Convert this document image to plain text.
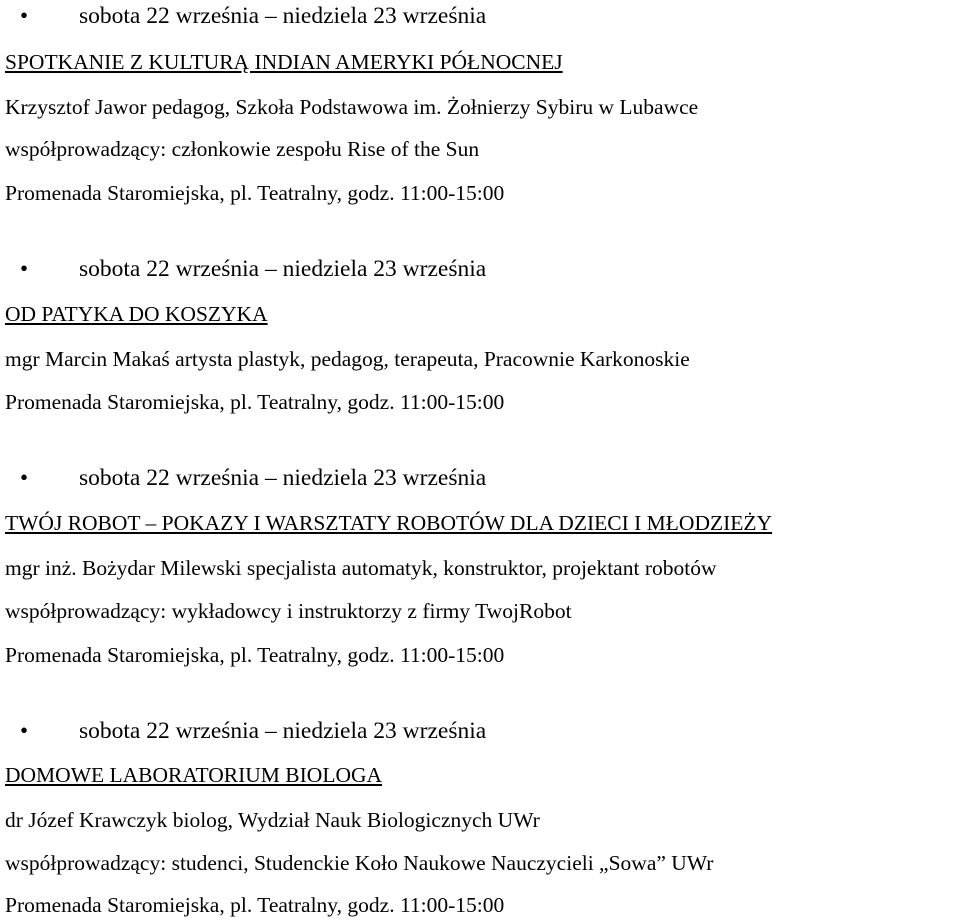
• sobota 22 września – niedziela 23 września
SPOTKANIE Z KULTURĄ INDIAN AMERYKI PÓŁNOCNEJ
Krzysztof Jawor pedagog, Szkoła Podstawowa im. Żołnierzy Sybiru w Lubawce
współprowadzący: członkowie zespołu Rise of the Sun
Promenada Staromiejska, pl. Teatralny, godz. 11:00-15:00
• sobota 22 września – niedziela 23 września
OD PATYKA DO KOSZYKA
mgr Marcin Makaś artysta plastyk, pedagog, terapeuta, Pracownie Karkonoskie
Promenada Staromiejska, pl. Teatralny, godz. 11:00-15:00
• sobota 22 września – niedziela 23 września
TWÓJ ROBOT – POKAZY I WARSZTATY ROBOTÓW DLA DZIECI I MŁODZIEŻY
mgr inż. Bożydar Milewski specjalista automatyk, konstruktor, projektant robotów
współprowadzący: wykładowcy i instruktorzy z firmy TwojRobot
Promenada Staromiejska, pl. Teatralny, godz. 11:00-15:00
• sobota 22 września – niedziela 23 września
DOMOWE LABORATORIUM BIOLOGA
dr Józef Krawczyk biolog, Wydział Nauk Biologicznych UWr
współprowadzący: studenci, Studenckie Koło Naukowe Nauczycieli „Sowa” UWr
Promenada Staromiejska, pl. Teatralny, godz. 11:00-15:00
